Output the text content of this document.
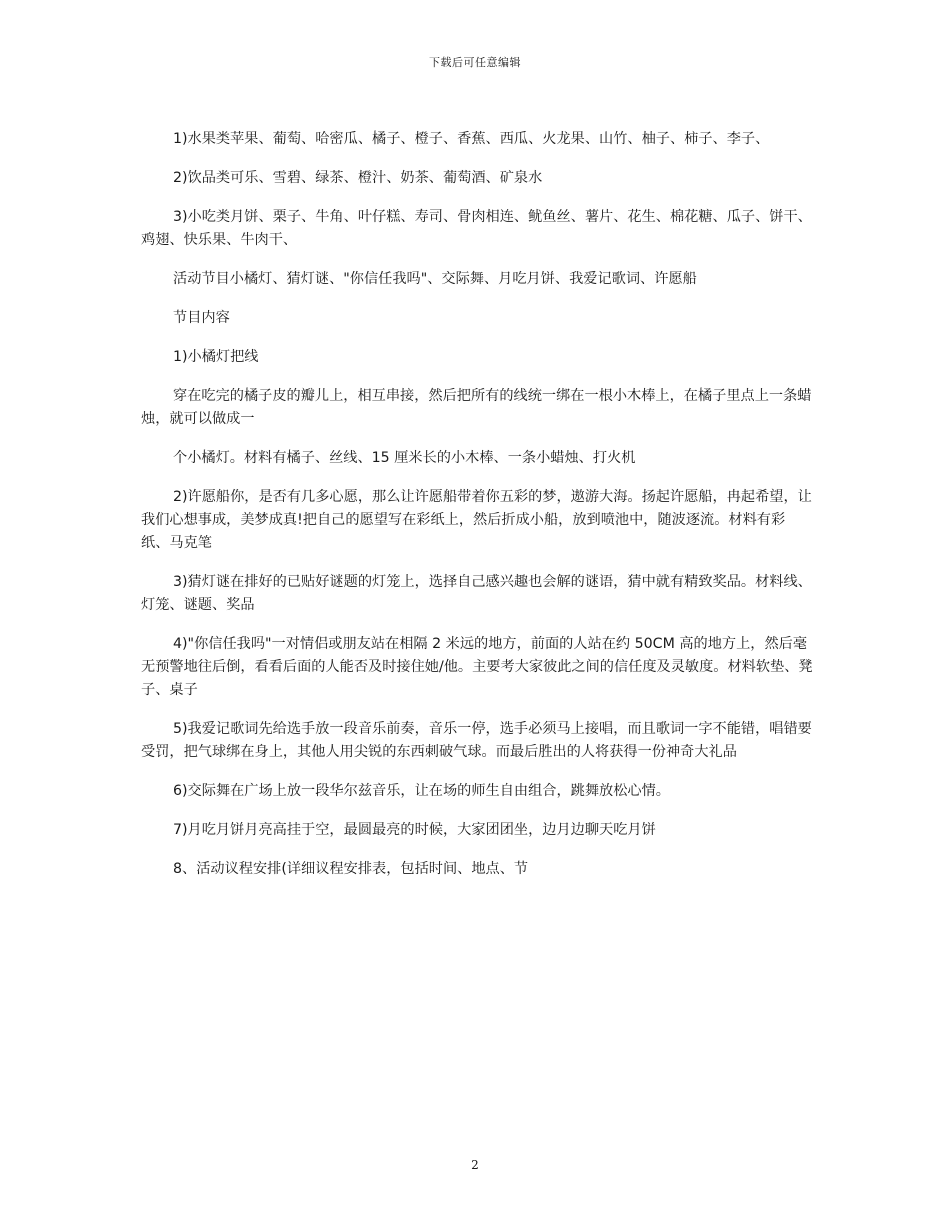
下载后可任意编辑

1)水果类苹果、葡萄、哈密瓜、橘子、橙子、香蕉、西瓜、火龙果、山竹、柚子、柿子、李子、

2)饮品类可乐、雪碧、绿茶、橙汁、奶茶、葡萄酒、矿泉水

3)小吃类月饼、栗子、牛角、叶仔糕、寿司、骨肉相连、鱿鱼丝、薯片、花生、棉花糖、瓜子、饼干、鸡翅、快乐果、牛肉干、

活动节目小橘灯、猜灯谜、"你信任我吗"、交际舞、月吃月饼、我爱记歌词、许愿船

节目内容

1)小橘灯把线

穿在吃完的橘子皮的瓣儿上，相互串接，然后把所有的线统一绑在一根小木棒上，在橘子里点上一条蜡烛，就可以做成一

个小橘灯。材料有橘子、丝线、15 厘米长的小木棒、一条小蜡烛、打火机

2)许愿船你，是否有几多心愿，那么让许愿船带着你五彩的梦，遨游大海。扬起许愿船，冉起希望，让我们心想事成，美梦成真!把自己的愿望写在彩纸上，然后折成小船，放到喷池中，随波逐流。材料有彩纸、马克笔

3)猜灯谜在排好的已贴好谜题的灯笼上，选择自己感兴趣也会解的谜语，猜中就有精致奖品。材料线、灯笼、谜题、奖品

4)"你信任我吗"一对情侣或朋友站在相隔 2 米远的地方，前面的人站在约 50CM 高的地方上，然后毫无预警地往后倒，看看后面的人能否及时接住她/他。主要考大家彼此之间的信任度及灵敏度。材料软垫、凳子、桌子

5)我爱记歌词先给选手放一段音乐前奏，音乐一停，选手必须马上接唱，而且歌词一字不能错，唱错要受罚，把气球绑在身上，其他人用尖锐的东西刺破气球。而最后胜出的人将获得一份神奇大礼品

6)交际舞在广场上放一段华尔兹音乐，让在场的师生自由组合，跳舞放松心情。

7)月吃月饼月亮高挂于空，最圆最亮的时候，大家团团坐，边月边聊天吃月饼

8、活动议程安排(详细议程安排表，包括时间、地点、节

2
